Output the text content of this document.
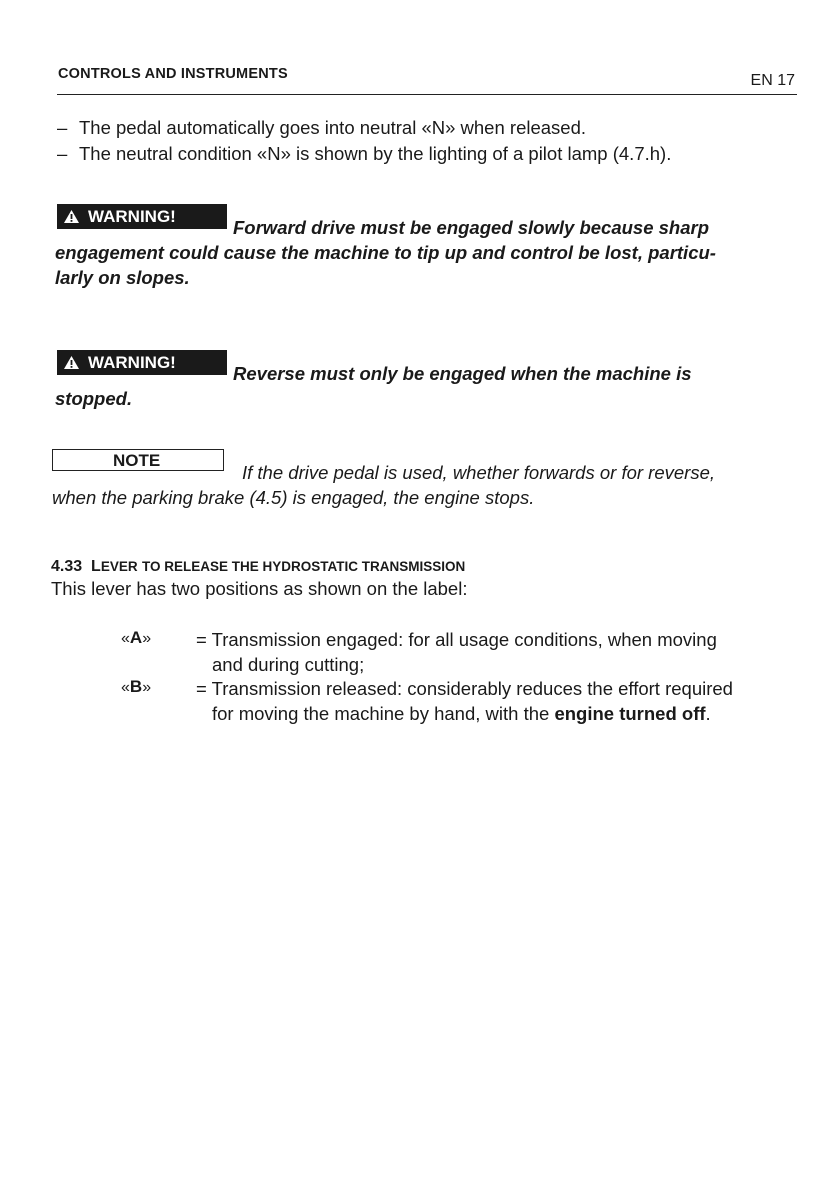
CONTROLS AND INSTRUMENTS	EN 17
– The pedal automatically goes into neutral «N» when released.
– The neutral condition «N» is shown by the lighting of a pilot lamp (4.7.h).
WARNING!
Forward drive must be engaged slowly because sharp
engagement could cause the machine to tip up and control be lost, particu-
larly on slopes.
WARNING!
Reverse must only be engaged when the machine is
stopped.
NOTE
If the drive pedal is used, whether forwards or for reverse,
when the parking brake (4.5) is engaged, the engine stops.
4.33 LEVER TO RELEASE THE HYDROSTATIC TRANSMISSION
This lever has two positions as shown on the label:
«A» = Transmission engaged: for all usage conditions, when moving
and during cutting;
«B» = Transmission released: considerably reduces the effort required
for moving the machine by hand, with the engine turned off.
